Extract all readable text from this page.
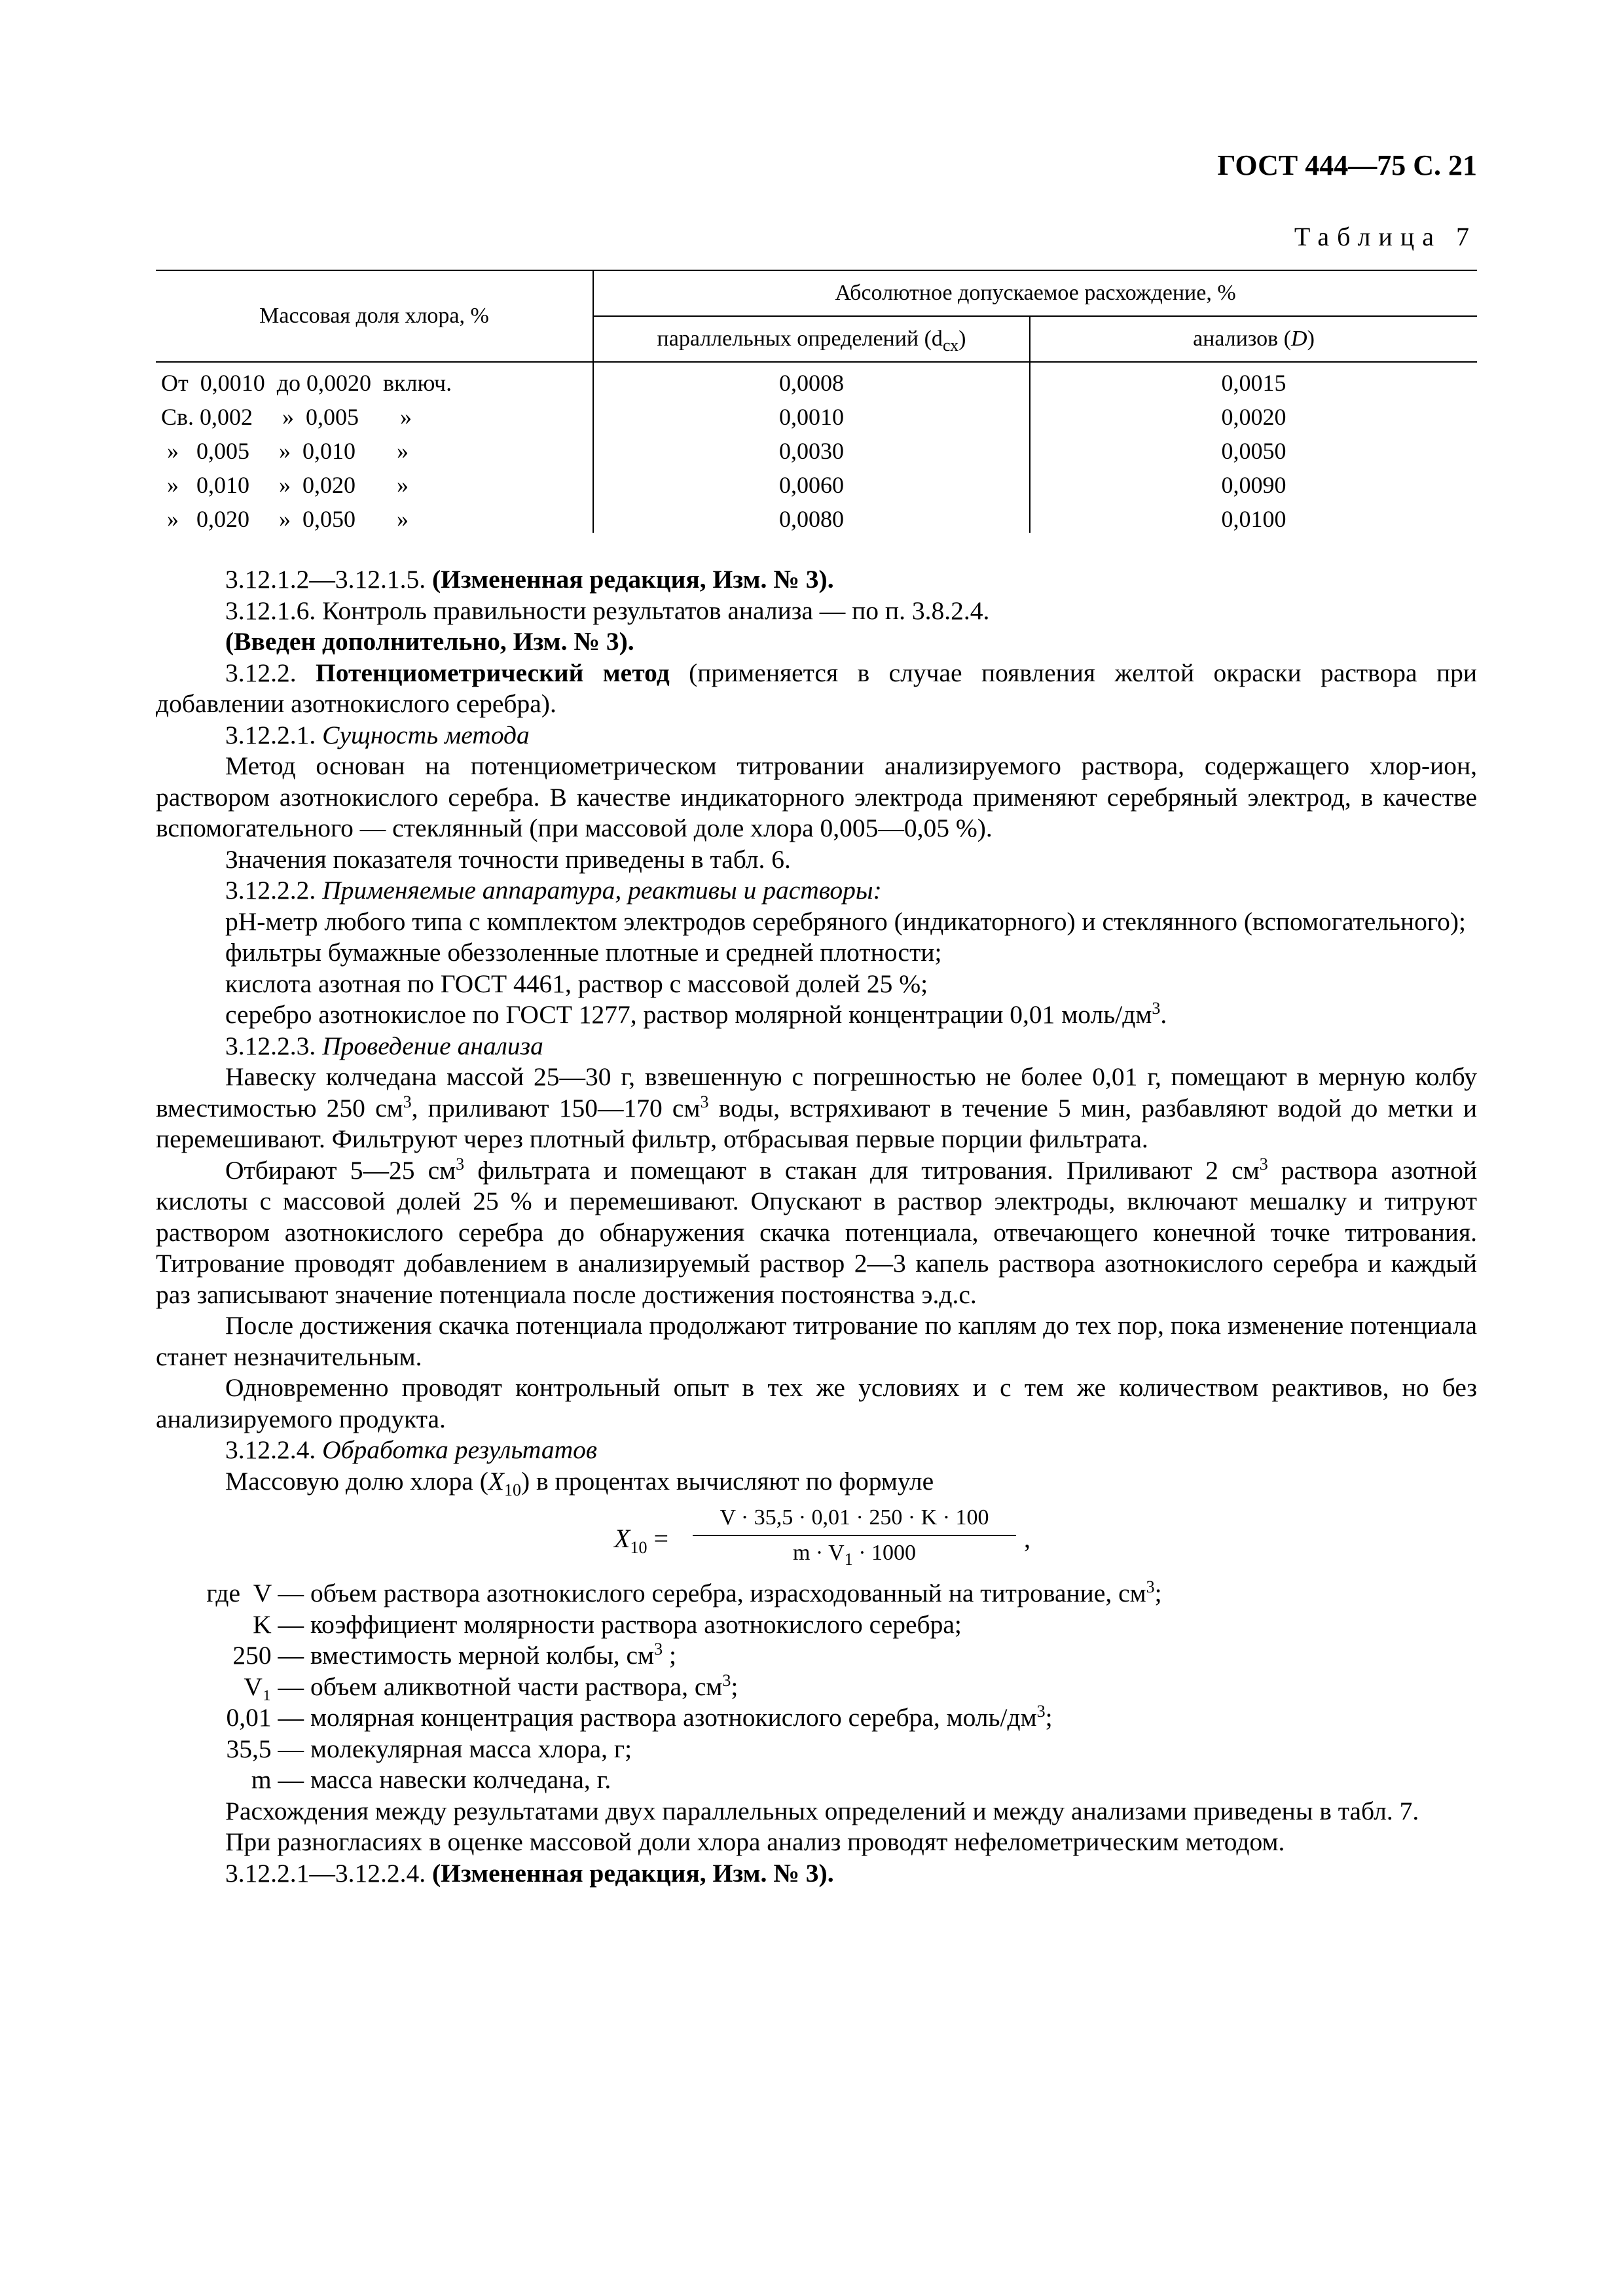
ГОСТ 444—75 С. 21
Таблица 7
Массовая доля хлора, %	Абсолютное допускаемое расхождение, %	
	параллельных определений $(d_{сх})$	анализов (D)
От  0,0010  до 0,0020  включ.	0,0008	0,0015
Св. 0,002     »  0,005       »	0,0010	0,0020
»   0,005     »  0,010       »	0,0030	0,0050
»   0,010     »  0,020       »	0,0060	0,0090
»   0,020     »  0,050       »	0,0080	0,0100

3.12.1.2—3.12.1.5. (Измененная редакция, Изм. № 3).

3.12.1.6. Контроль правильности результатов анализа — по п. 3.8.2.4.

(Введен дополнительно, Изм. № 3).

3.12.2. Потенциометрический метод (применяется в случае появления желтой окраски раствора при добавлении азотнокислого серебра).

3.12.2.1. Сущность метода

Метод основан на потенциометрическом титровании анализируемого раствора, содержащего хлор-ион, раствором азотнокислого серебра. В качестве индикаторного электрода применяют серебряный электрод, в качестве вспомогательного — стеклянный (при массовой доле хлора 0,005—0,05 %).

Значения показателя точности приведены в табл. 6.

3.12.2.2. Применяемые аппаратура, реактивы и растворы:

рН-метр любого типа с комплектом электродов серебряного (индикаторного) и стеклянного (вспомогательного);

фильтры бумажные обеззоленные плотные и средней плотности;

кислота азотная по ГОСТ 4461, раствор с массовой долей 25 %;

серебро азотнокислое по ГОСТ 1277, раствор молярной концентрации 0,01 моль/$дм^3$.

3.12.2.3. Проведение анализа

Навеску колчедана массой 25—30 г, взвешенную с погрешностью не более 0,01 г, помещают в мерную колбу вместимостью 250 $см^3$, приливают 150—170 $см^3$ воды, встряхивают в течение 5 мин, разбавляют водой до метки и перемешивают. Фильтруют через плотный фильтр, отбрасывая первые порции фильтрата.

Отбирают 5—25 $см^3$ фильтрата и помещают в стакан для титрования. Приливают 2 $см^3$ раствора азотной кислоты с массовой долей 25 % и перемешивают. Опускают в раствор электроды, включают мешалку и титруют раствором азотнокислого серебра до обнаружения скачка потенциала, отвечающего конечной точке титрования. Титрование проводят добавлением в анализируемый раствор 2—3 капель раствора азотнокислого серебра и каждый раз записывают значение потенциала после достижения постоянства э.д.с.

После достижения скачка потенциала продолжают титрование по каплям до тех пор, пока изменение потенциала станет незначительным.

Одновременно проводят контрольный опыт в тех же условиях и с тем же количеством реактивов, но без анализируемого продукта.

3.12.2.4. Обработка результатов

Массовую долю хлора $(X_{10})$ в процентах вычисляют по формуле

$X_{10} = \frac{V \cdot 35,5 \cdot 0,01 \cdot 250 \cdot K \cdot 100}{m \cdot V_1 \cdot 1000}$ ,
где  V — объем раствора азотнокислого серебра, израсходованный на титрование, $см^3$;
K — коэффициент молярности раствора азотнокислого серебра;
250 — вместимость мерной колбы, $см^3$ ;
V₁ — объем аликвотной части раствора, $см^3$;
0,01 — молярная концентрация раствора азотнокислого серебра, моль/$дм^3$;
35,5 — молекулярная масса хлора, г;
m — масса навески колчедана, г.

Расхождения между результатами двух параллельных определений и между анализами приведены в табл. 7.

При разногласиях в оценке массовой доли хлора анализ проводят нефелометрическим методом.

3.12.2.1—3.12.2.4. (Измененная редакция, Изм. № 3).
